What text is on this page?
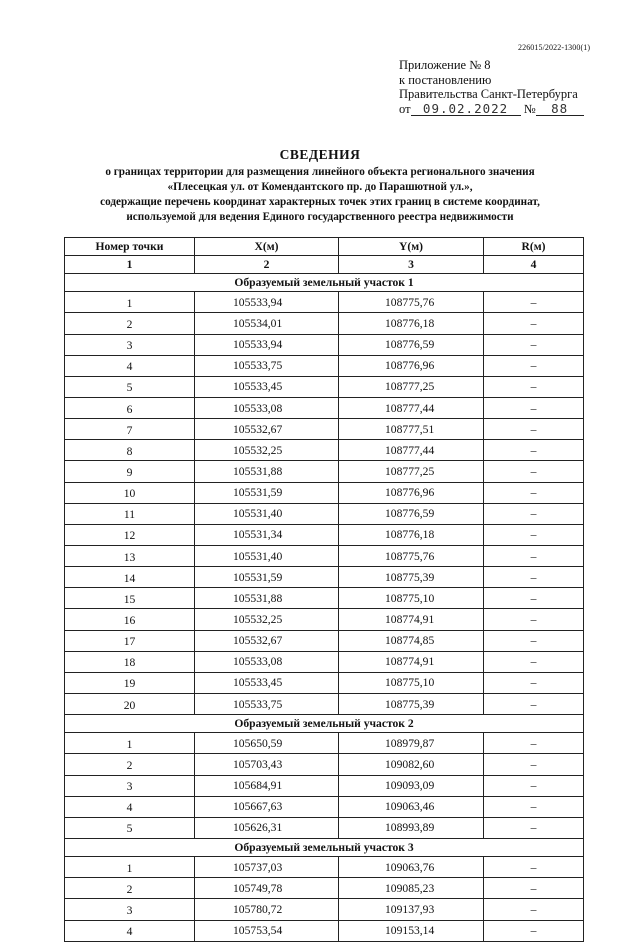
226015/2022-1300(1)
Приложение № 8
к постановлению
Правительства Санкт-Петербурга
от 09.02.2022 № 88
СВЕДЕНИЯ
о границах территории для размещения линейного объекта регионального значения
«Плесецкая ул. от Комендантского пр. до Парашютной ул.»,
содержащие перечень координат характерных точек этих границ в системе координат,
используемой для ведения Единого государственного реестра недвижимости
Номер точки	X(м)	Y(м)	R(м)
1	2	3	4
Образуемый земельный участок 1			
1	105533,94	108775,76	–
2	105534,01	108776,18	–
3	105533,94	108776,59	–
4	105533,75	108776,96	–
5	105533,45	108777,25	–
6	105533,08	108777,44	–
7	105532,67	108777,51	–
8	105532,25	108777,44	–
9	105531,88	108777,25	–
10	105531,59	108776,96	–
11	105531,40	108776,59	–
12	105531,34	108776,18	–
13	105531,40	108775,76	–
14	105531,59	108775,39	–
15	105531,88	108775,10	–
16	105532,25	108774,91	–
17	105532,67	108774,85	–
18	105533,08	108774,91	–
19	105533,45	108775,10	–
20	105533,75	108775,39	–
Образуемый земельный участок 2			
1	105650,59	108979,87	–
2	105703,43	109082,60	–
3	105684,91	109093,09	–
4	105667,63	109063,46	–
5	105626,31	108993,89	–
Образуемый земельный участок 3			
1	105737,03	109063,76	–
2	105749,78	109085,23	–
3	105780,72	109137,93	–
4	105753,54	109153,14	–
